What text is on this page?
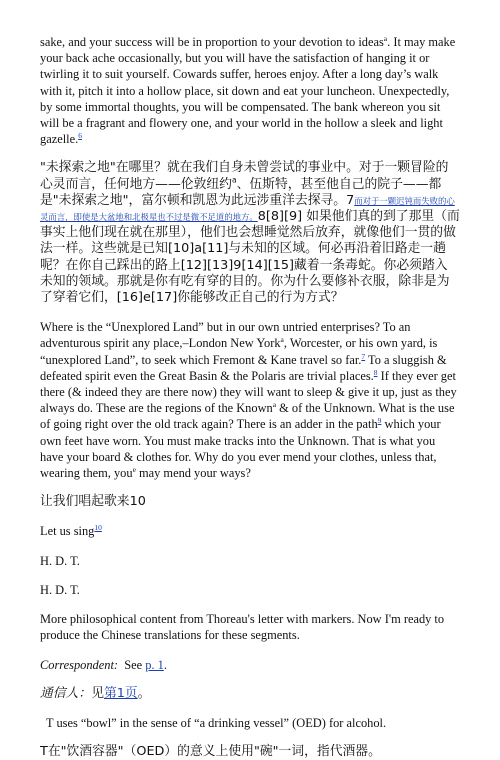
sake, and your success will be in proportion to your devotion to ideas$^a$. It may make your back ache occasionally, but you will have the satisfaction of hanging it or twirling it to suit yourself. Cowards suffer, heroes enjoy. After a long day’s walk with it, pitch it into a hollow place, sit down and eat your luncheon. Unexpectedly, by some immortal thoughts, you will be compensated. The bank whereon you sit will be a fragrant and flowery one, and your world in the hollow a sleek and light gazelle.$^6$

"未探索之地"在哪里？就在我们自身未曾尝试的事业中。对于一颗冒险的心灵而言，任何地方——伦敦纽约$^a$、伍斯特，甚至他自己的院子——都是"未探索之地"，富尔顿和凯恩为此远涉重洋去探寻。7而对于一颗迟钝而失败的心灵而言，即使是大盆地和北极星也不过是微不足道的地方。8[8][9] 如果他们真的到了那里（而事实上他们现在就在那里），他们也会想睡觉然后放弃，就像他们一贯的做法一样。这些就是已知[10]a[11]与未知的区域。何必再沿着旧路走一趟呢？在你自己踩出的路上[12][13]9[14][15]藏着一条毒蛇。你必须踏入未知的领域。那就是你有吃有穿的目的。你为什么要修补衣服，除非是为了穿着它们，[16]e[17]你能够改正自己的行为方式？

Where is the “Unexplored Land” but in our own untried enterprises? To an adventurous spirit any place,–London New York$^a$, Worcester, or his own yard, is “unexplored Land”, to seek which Fremont & Kane travel so far.$^7$ To a sluggish & defeated spirit even the Great Basin & the Polaris are trivial places.$^8$ If they ever get there (& indeed they are there now) they will want to sleep & give it up, just as they always do. These are the regions of the Known$^a$ & of the Unknown. What is the use of going right over the old track again? There is an adder in the path$^9$ which your own feet have worn. You must make tracks into the Unknown. That is what you have your board & clothes for. Why do you ever mend your clothes, unless that, wearing them, you$^e$ may mend your ways?

让我们唱起歌来10

Let us sing$^{10}$

H. D. T.

H. D. T.

More philosophical content from Thoreau's letter with markers. Now I'm ready to produce the Chinese translations for these segments.

Correspondent: See p. 1.

通信人：见第1页。

T uses “bowl” in the sense of “a drinking vessel” (OED) for alcohol.

T在"饮酒容器"（OED）的意义上使用"碗"一词，指代酒器。
